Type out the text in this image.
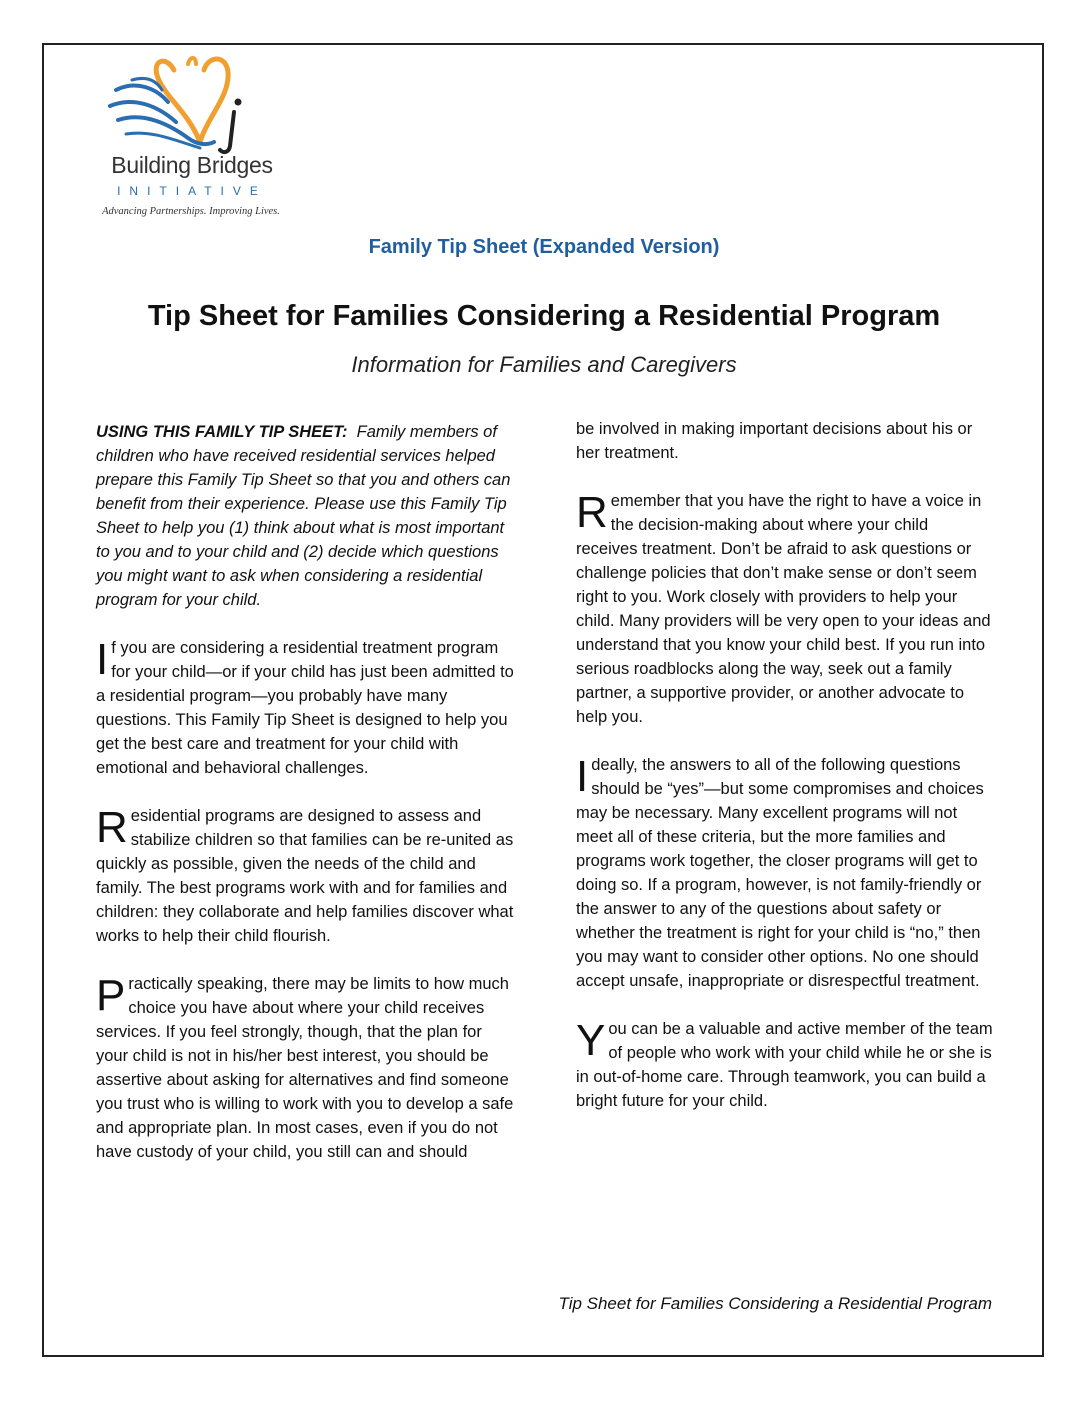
Building Bridges
INITIATIVE
Advancing Partnerships. Improving Lives.
Family Tip Sheet (Expanded Version)
Tip Sheet for Families Considering a Residential Program
Information for Families and Caregivers

USING THIS FAMILY TIP SHEET: Family members of children who have received residential services helped prepare this Family Tip Sheet so that you and others can benefit from their experience. Please use this Family Tip Sheet to help you (1) think about what is most important to you and to your child and (2) decide which questions you might want to ask when considering a residential program for your child.

If you are considering a residential treatment program for your child—or if your child has just been admitted to a residential program—you probably have many questions. This Family Tip Sheet is designed to help you get the best care and treatment for your child with emotional and behavioral challenges.

Residential programs are designed to assess and stabilize children so that families can be re-united as quickly as possible, given the needs of the child and family. The best programs work with and for families and children: they collaborate and help families discover what works to help their child flourish.

Practically speaking, there may be limits to how much choice you have about where your child receives services. If you feel strongly, though, that the plan for your child is not in his/her best interest, you should be assertive about asking for alternatives and find someone you trust who is willing to work with you to develop a safe and appropriate plan. In most cases, even if you do not have custody of your child, you still can and should

be involved in making important decisions about his or her treatment.

Remember that you have the right to have a voice in the decision-making about where your child receives treatment. Don’t be afraid to ask questions or challenge policies that don’t make sense or don’t seem right to you. Work closely with providers to help your child. Many providers will be very open to your ideas and understand that you know your child best. If you run into serious roadblocks along the way, seek out a family partner, a supportive provider, or another advocate to help you.

Ideally, the answers to all of the following questions should be “yes”—but some compromises and choices may be necessary. Many excellent programs will not meet all of these criteria, but the more families and programs work together, the closer programs will get to doing so. If a program, however, is not family-friendly or the answer to any of the questions about safety or whether the treatment is right for your child is “no,” then you may want to consider other options. No one should accept unsafe, inappropriate or disrespectful treatment.

You can be a valuable and active member of the team of people who work with your child while he or she is in out-of-home care. Through teamwork, you can build a bright future for your child.

Tip Sheet for Families Considering a Residential Program
